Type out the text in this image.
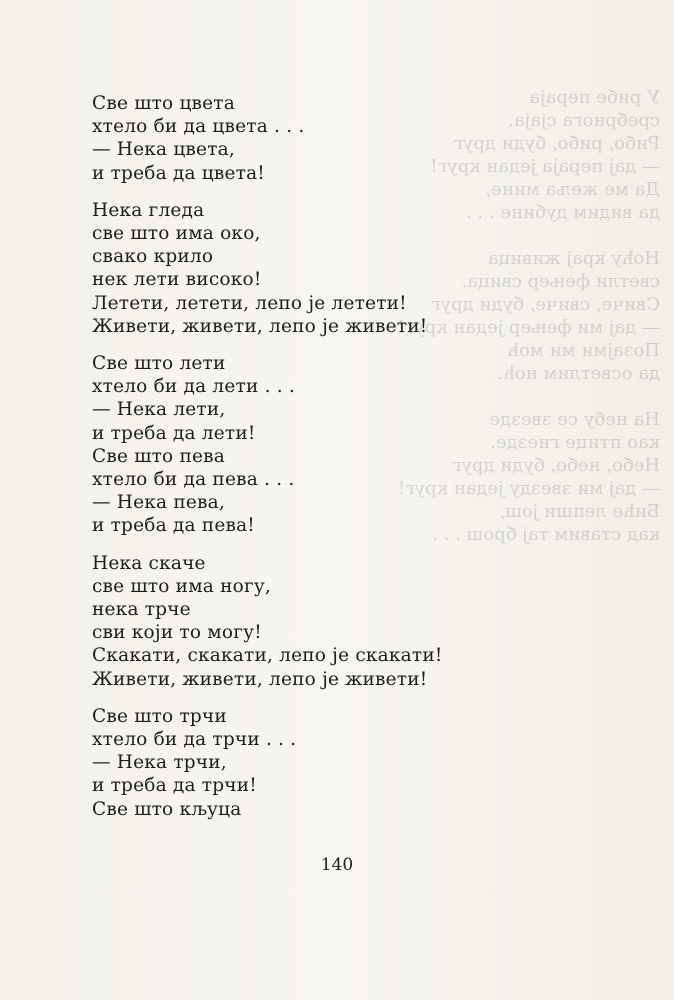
У рибе пераја
сребрнога сјаја.
Рибо, рибо, буди друг
— дај пераја један круг!
Да ме жеља мине,
да видим дубине . . .

Ноћу крај живица
светли фењер свица.
Свиче, свиче, буди друг
— дај ми фењер један круг!
Позајми ми моћ
да осветлим ноћ.

На небу се звезде
као птице гнезде.
Небо, небо, буди друг
— дај ми звезду један круг!
Биће лепши још,
кад ставим тај брош . . .
Све што цвета
хтело би да цвета . . .
— Нека цвета,
и треба да цвета!
Нека гледа
све што има око,
свако крило
нек лети високо!
Летети, летети, лепо је летети!
Живети, живети, лепо је живети!
Све што лети
хтело би да лети . . .
— Нека лети,
и треба да лети!
Све што пева
хтело би да пева . . .
— Нека пева,
и треба да пева!
Нека скаче
све што има ногу,
нека трче
сви који то могу!
Скакати, скакати, лепо је скакати!
Живети, живети, лепо је живети!
Све што трчи
хтело би да трчи . . .
— Нека трчи,
и треба да трчи!
Све што кљуца
140
